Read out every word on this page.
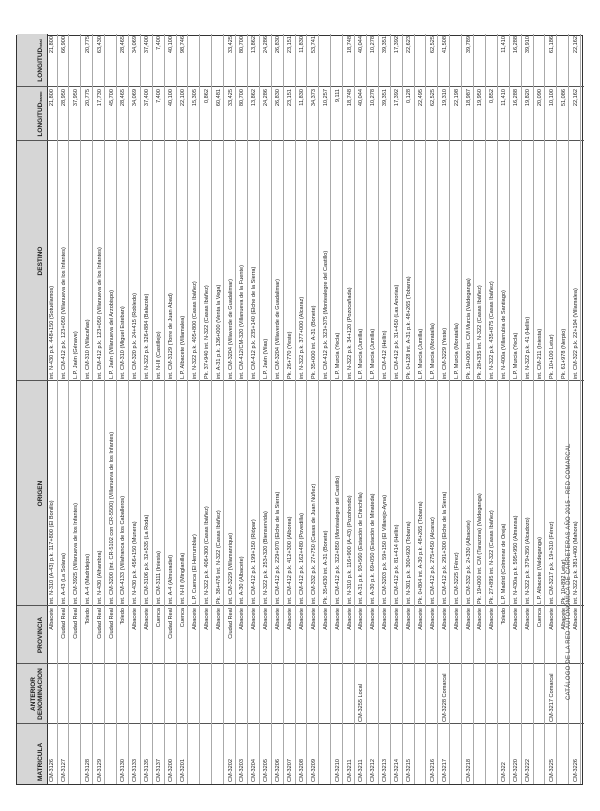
MATRICULA
ANTERIOR DENOMINACION
PROVINCIA
ORIGEN
DESTINO
LONGITUD
tramo
LONGITUD
total
CM-3126
Albacete
int. N-310 (A-43) p.k. 117+800 (El Bonillo)
int. N-430 p.k. 448+150 (Sotuélamos)
21,800
21,800
CM-3127
Ciudad Real
int. A-43 (La Solana)
int. CM-412 p.k. 123+050 (Villanueva de los Infantes)
28,950
66,900
Ciudad Real
int. CM-3925 (Villanueva de los Infantes)
L.P. Jaén (Génave)
37,950
CM-3128
Toledo
int. A-4 (Madridejos)
int. CM-310 (Villacañas)
20,775
20,775
CM-3129
Ciudad Real
int. N-430 (Alhambra)
int. CM-412 p.k. 123+050 (Villanueva de los Infantes)
17,730
63,430
Ciudad Real
int. CM-3200 (int. CR-5102 con CR-5500) (Villanueva de los Infantes)
L.P. Jaén (Villanueva del Arzobispo)
45,700
CM-3130
Toledo
int. CM-4133 (Villafranca de los Caballeros)
int. CM-310 (Miguel Esteban)
28,465
28,465
CM-3133
Albacete
int. N-430 p.k. 456+150 (Munera)
int. CM-320 p.k. 24+415 (Robledo)
34,069
34,069
CM-3135
Albacete
int. CM-3106 p.k. 32+535 (La Roda)
int. N-322 p.k. 326+884 (Balazote)
37,400
37,400
CM-3137
Cuenca
int. CM-3111 (Iniesta)
int. N-III (Castillejo)
7,400
7,400
CM-3200
Ciudad Real
int. A-4 (Almuradiel)
int. CM-3129 (Torre de Juan Abad)
40,100
40,100
CM-3201
Cuenca
int. N-III (Minglanilla)
L.P. Albacete (Villamalea)
22,100
98,746
Albacete
L.P. Cuenca (El Herrumblar)
int. N-322 p.k. 405+800 (Casas Ibáñez)
15,305
Albacete
int. N-322 p.k. 406+300 (Casas Ibáñez)
Pk. 37+940 int. N-322 (Casas Ibáñez)
0,862
Albacete
Pk. 38+476 int. N-322 (Casas Ibáñez)
int. A-31 p.k. 136+000 (Venta la Vega)
60,481
CM-3202
Ciudad Real
int. CM-3229 (Villamanrique)
int. CM-3204 (Villaverde de Guadalimar)
33,425
33,425
CM-3203
Albacete
int. A-30 (Albacete)
int. CM-412/CM-320 (Villanueva de la Fuente)
80,700
80,700
CM-3204
Albacete
int. CM-412 p.k. 199+150 (Riópar)
int. CM-412 p.k. 235+140 (Elche de la Sierra)
13,862
13,862
CM-3205
Albacete
int. N-322 p.k. 253+320 (Bienservida)
L.P. Jaén (Vilas)
24,286
24,286
CM-3206
Albacete
int. CM-412 p.k. 229+970 (Elche de la Sierra)
int. CM-3204 (Villaverde de Guadalimar)
26,830
26,830
CM-3207
Albacete
int. CM-412 p.k. 412+300 (Alborea)
Pk. 26+770 (Yeste)
23,151
23,151
CM-3208
Albacete
int. CM-412 p.k. 162+480 (Povedilla)
int. N-322 p.k. 377+000 (Alcaraz)
11,830
11,830
CM-3209
Albacete
int. CM-332 p.k. 27+750 (Casas de Juan Núñez)
Pk. 35+000 int. A-31 (Bonete)
34,373
53,741
Albacete
Pk. 35+630 int. A-31 (Bonete)
int. CM-412 p.k. 323+375 (Montealegre del Castillo)
10,257
CM-3210
Albacete
int. CM-412 p.k. 322+850 (Montealegre del Castillo)
L.P. Murcia (Yecla)
9,111
CM-3211
Albacete
int. N-310 p.k. 116+900 (A-43) (Pozohondo)
int. N-322 p.k. 34+120 (Pozocañada)
18,748
18,748
CM-3211
CM-3255 Local
Albacete
int. A-31 p.k. 93+560 (Estación de Chinchilla)
L.P. Murcia (Jumilla)
40,044
40,044
CM-3212
Albacete
int. A-30 p.k. 69+050 (Estación de Minateda)
L.P. Murcia (Jumilla)
10,278
10,278
CM-3213
Albacete
int. CM-3203 p.k. 59+150 (El Villarejo-Ayna)
int. CM-412 (Hellín)
39,351
39,351
CM-3214
Albacete
int. CM-412 p.k. 81+414 (Hellín)
int. CM-412 p.k. 31+450 (Las Anorias)
17,392
17,392
CM-3215
Albacete
int. N-301 p.k. 300+920 (Tobarra)
Pk. 0+128 int. A-31 p.k. 48+265 (Tobarra)
0,128
22,623
Albacete
Pk. 0+804 int. A-30 p.k. 48+265 (Tobarra)
L.P. Murcia (Jumilla)
22,495
CM-3216
Albacete
int. CM-412 p.k. 275+450 (Alcaraz)
L.P. Murcia (Moratalla)
62,525
62,525
CM-3217
CM-3228 Comarcal
Albacete
int. CM-412 p.k. 291+300 (Elche de la Sierra)
int. CM-3229 (Yeste)
19,310
41,508
Albacete
int. CM-3225 (Férez)
L.P. Murcia (Moratalla)
22,198
CM-3218
Albacete
int. CM-332 p.k. 2+330 (Albacete)
Pk. 19+000 int. CM Murcia (Valdeganga)
18,987
39,789
Albacete
Pk. 19+000 int. CM (Tarazona) (Valdeganga)
Pk. 28+335 int. N-322 (Casas Ibáñez)
19,950
Albacete
Pk. 27+895 int. N-322 (Casas Ibáñez)
int. N-322 p.k. 435+875 (Casas Ibáñez)
0,852
CM-322
Toledo
L.P. Madrid (Colmenar de Oreja)
int. N-400a (Villarrubia de Santiago)
11,410
11,410
CM-3220
Albacete
int. N-430a p.k. 595+950 (Almansa)
L.P. Murcia (Yecla)
16,288
16,288
CM-3222
Albacete
int. N-322 p.k. 379+350 (Alcadozo)
int. N-322 p.k. 41 (Hellín)
19,820
39,910
Cuenca
L.P. Albacete (Valdeganga)
int. CM-211 (Iniesta)
20,090
CM-3225
CM-3217 Comarcal
Albacete
int. CM-3217 p.k. 19+310 (Férez)
Pk. 10+100 Letur)
10,100
61,186
Albacete
Pk. 10+892 Letur)
Pk. 61+978 (Nerpio)
51,086
CM-3226
Albacete
int. N-322 p.k. 381+400 (Mahora)
int. CM-322 p.k. 22+194 (Villamalea)
22,162
22,162
CATÁLOGO DE LA RED AUTONÓMICA DE CARRETERAS AÑO 2015 - RED COMARCAL
